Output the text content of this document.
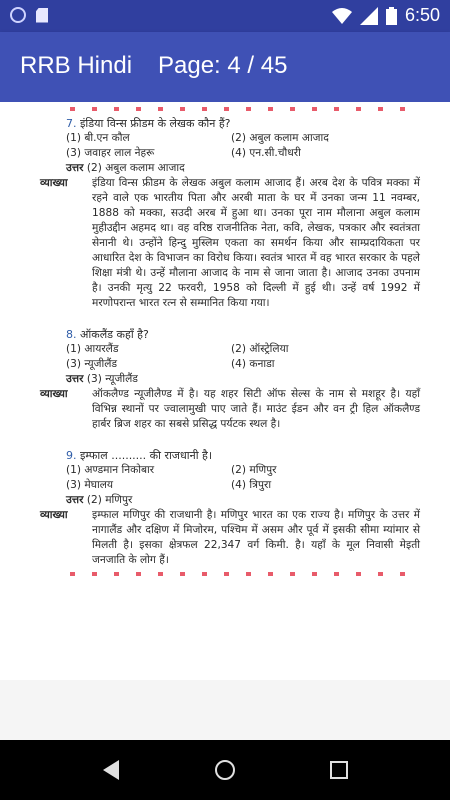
6:50
RRB Hindi Page: 4 / 45
7. इंडिया विन्स फ्रीडम के लेखक कौन हैं?
(1) बी.एन कौल	(2) अबुल कलाम आजाद
(3) जवाहर लाल नेहरू	(4) एन.सी.चौधरी
उत्तर (2) अबुल कलाम आजाद
व्याख्या	इंडिया विन्स फ्रीडम के लेखक अबुल कलाम आजाद हैं। अरब देश के पवित्र मक्का में रहने वाले एक भारतीय पिता और अरबी माता के घर में उनका जन्म 11 नवम्बर, 1888 को मक्का, सउदी अरब में हुआ था। उनका पूरा नाम मौलाना अबुल कलाम मुहीउद्दीन अहमद था। वह वरिष्ठ राजनीतिक नेता, कवि, लेखक, पत्रकार और स्वतंत्रता सेनानी थे। उन्होंने हिन्दु मुस्लिम एकता का समर्थन किया और साम्प्रदायिकता पर आधारित देश के विभाजन का विरोध किया। स्वतंत्र भारत में वह भारत सरकार के पहले शिक्षा मंत्री थे। उन्हें मौलाना आजाद के नाम से जाना जाता है। आजाद उनका उपनाम है। उनकी मृत्यु 22 फरवरी, 1958 को दिल्ली में हुई थी। उन्हें वर्ष 1992 में मरणोपरान्त भारत रत्न से सम्मानित किया गया।
8. ऑकलैंड कहाँ है?
(1) आयरलैंड	(2) ऑस्ट्रेलिया
(3) न्यूजीलैंड	(4) कनाडा
उत्तर (3) न्यूजीलैंड
व्याख्या	ऑकलैण्ड न्यूजीलैण्ड में है। यह शहर सिटी ऑफ सेल्स के नाम से मशहूर है। यहाँ विभिन्न स्थानों पर ज्वालामुखी पाए जाते हैं। माउंट ईडन और वन ट्री हिल ऑकलैण्ड हार्बर ब्रिज शहर का सबसे प्रसिद्ध पर्यटक स्थल है।
9. इम्फाल .......... की राजधानी है।
(1) अण्डमान निकोबार	(2) मणिपुर
(3) मेघालय	(4) त्रिपुरा
उत्तर (2) मणिपुर
व्याख्या	इम्फाल मणिपुर की राजधानी है। मणिपुर भारत का एक राज्य है। मणिपुर के उत्तर में नागालैंड और दक्षिण में मिजोरम, पश्चिम में असम और पूर्व में इसकी सीमा म्यांमार से मिलती है। इसका क्षेत्रफल 22,347 वर्ग किमी. है। यहाँ के मूल निवासी मेइती जनजाति के लोग हैं।
